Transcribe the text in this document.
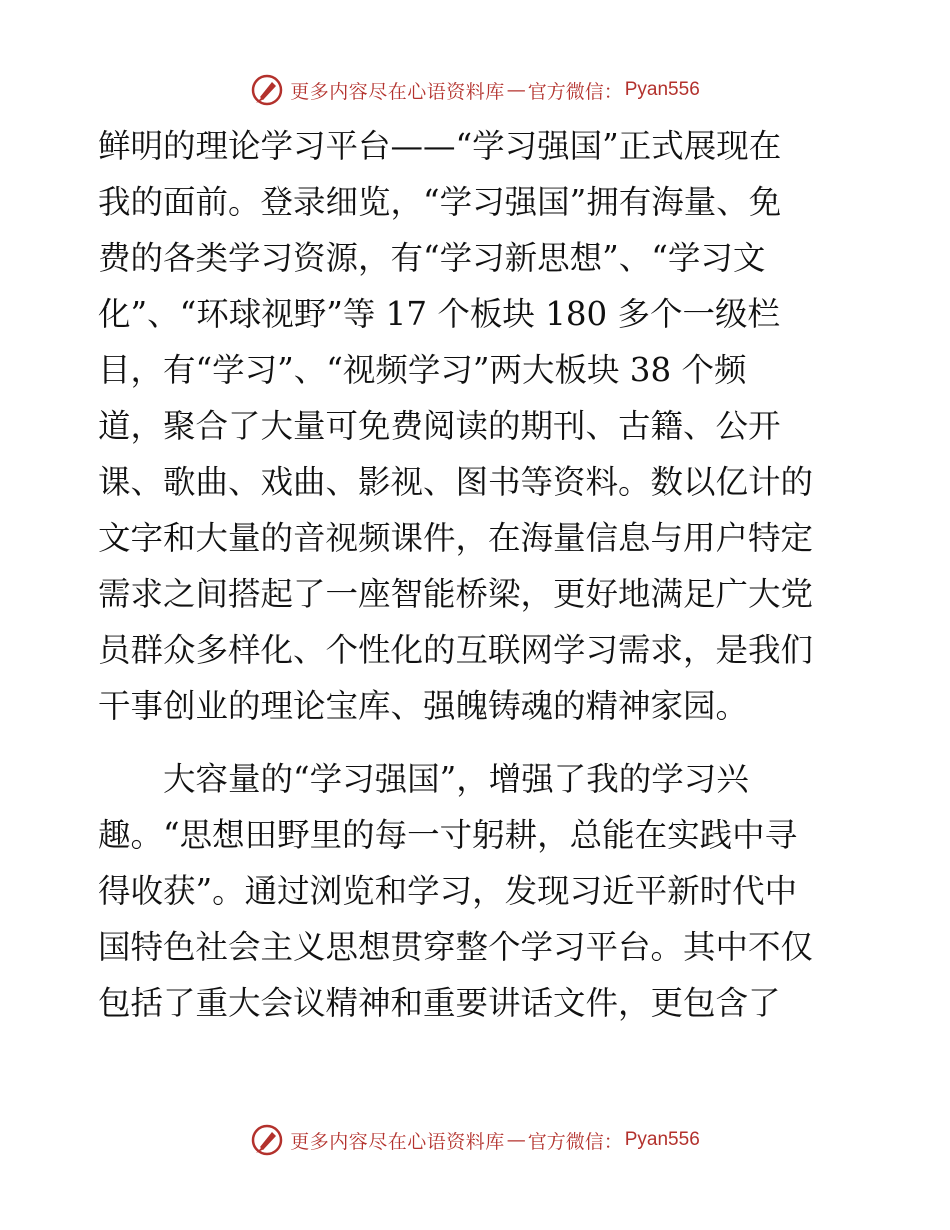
更多内容尽在心语资料库 — 官方微信： Pyan556
鲜明的理论学习平台——“学习强国”正式展现在
我的面前。登录细览，“学习强国”拥有海量、免
费的各类学习资源，有“学习新思想”、“学习文
化”、“环球视野”等 17 个板块 180 多个一级栏
目，有“学习”、“视频学习”两大板块 38 个频
道，聚合了大量可免费阅读的期刊、古籍、公开
课、歌曲、戏曲、影视、图书等资料。数以亿计的
文字和大量的音视频课件，在海量信息与用户特定
需求之间搭起了一座智能桥梁，更好地满足广大党
员群众多样化、个性化的互联网学习需求，是我们
干事创业的理论宝库、强魄铸魂的精神家园。
　　大容量的“学习强国”，增强了我的学习兴
趣。“思想田野里的每一寸躬耕，总能在实践中寻
得收获”。通过浏览和学习，发现习近平新时代中
国特色社会主义思想贯穿整个学习平台。其中不仅
包括了重大会议精神和重要讲话文件，更包含了
更多内容尽在心语资料库 — 官方微信： Pyan556
